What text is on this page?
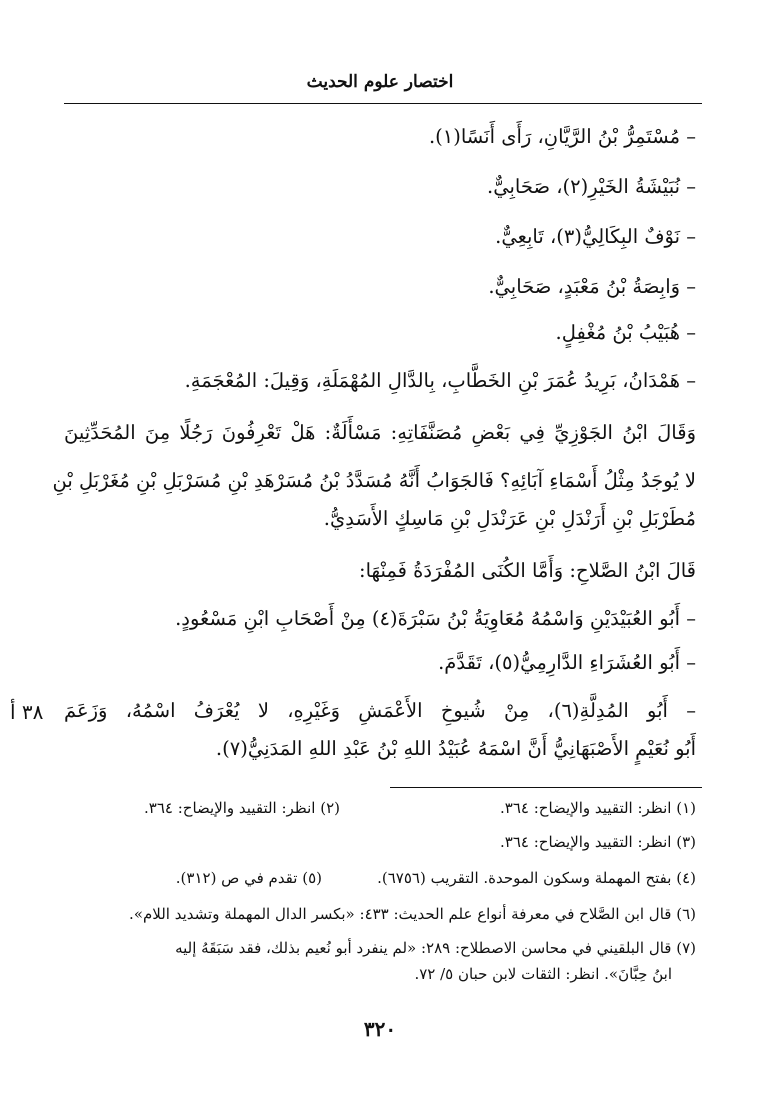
اختصار علوم الحديث
– مُسْتَمِرُّ بْنُ الرَّيَّانِ، رَأَى أَنَسًا(١).
– نُبَيْشَةُ الخَيْرِ(٢)، صَحَابِيٌّ.
– نَوْفٌ البِكَالِيُّ(٣)، تَابِعِيٌّ.
– وَابِصَةُ بْنُ مَعْبَدٍ، صَحَابِيٌّ.
– هُبَيْبُ بْنُ مُغْفِلٍ.
– هَمْدَانُ، بَرِيدُ عُمَرَ بْنِ الخَطَّابِ، بِالدَّالِ المُهْمَلَةِ، وَقِيلَ: المُعْجَمَةِ.
وَقَالَ ابْنُ الجَوْزِيِّ فِي بَعْضِ مُصَنَّفَاتِهِ: مَسْأَلَةٌ: هَلْ تَعْرِفُونَ رَجُلًا مِنَ المُحَدِّثِينَ
لا يُوجَدُ مِثْلُ أَسْمَاءِ آبَائِهِ؟ فَالجَوَابُ أَنَّهُ مُسَدَّدُ بْنُ مُسَرْهَدِ بْنِ مُسَرْبَلِ بْنِ مُغَرْبَلِ بْنِ
مُطَرْبَلِ بْنِ أَرَنْدَلِ بْنِ عَرَنْدَلِ بْنِ مَاسِكٍ الأَسَدِيُّ.
قَالَ ابْنُ الصَّلاحِ: وَأَمَّا الكُنَى المُفْرَدَةُ فَمِنْهَا:
– أَبُو العُبَيْدَيْنِ وَاسْمُهُ مُعَاوِيَةُ بْنُ سَبْرَةَ(٤) مِنْ أَصْحَابِ ابْنِ مَسْعُودٍ.
– أَبُو العُشَرَاءِ الدَّارِمِيُّ(٥)، تَقَدَّمَ.
– أَبُو المُدِلَّةِ(٦)، مِنْ شُيوخِ الأَعْمَشِ وَغَيْرِهِ، لا يُعْرَفُ اسْمُهُ، وَزَعَمَ
أَبُو نُعَيْمٍ الأَصْبَهَانِيُّ أَنَّ اسْمَهُ عُبَيْدُ اللهِ بْنُ عَبْدِ اللهِ المَدَنِيُّ(٧).
٣٨ أ
(١) انظر: التقييد والإيضاح: ٣٦٤.
(٢) انظر: التقييد والإيضاح: ٣٦٤.
(٣) انظر: التقييد والإيضاح: ٣٦٤.
(٤) بفتح المهملة وسكون الموحدة. التقريب (٦٧٥٦).
(٥) تقدم في ص (٣١٢).
(٦) قال ابن الصَّلاح في معرفة أنواع علم الحديث: ٤٣٣: «بكسر الدال المهملة وتشديد اللام».
(٧) قال البلقيني في محاسن الاصطلاح: ٢٨٩: «لم ينفرد أبو نُعيم بذلك، فقد سَبَقَهُ إليه
ابنُ حِبَّانَ». انظر: الثقات لابن حبان ٥/ ٧٢.
٣٢٠
